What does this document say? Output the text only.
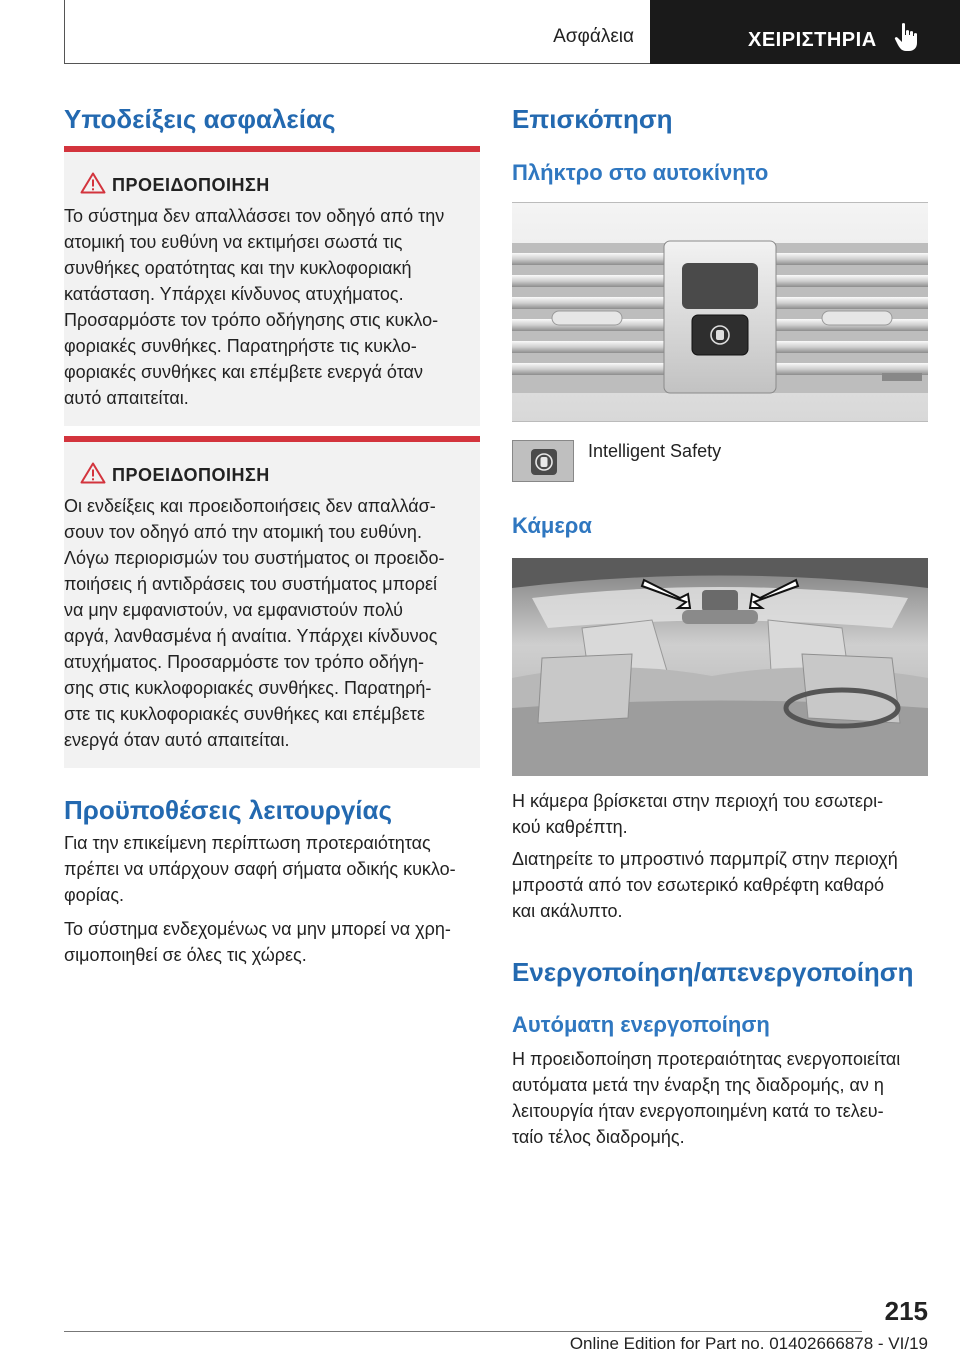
Ασφάλεια	ΧΕΙΡΙΣΤΗΡΙΑ
Υποδείξεις ασφαλείας
ΠΡΟΕΙΔΟΠΟΙΗΣΗ
Το σύστημα δεν απαλλάσσει τον οδηγό από την
ατομική του ευθύνη να εκτιμήσει σωστά τις
συνθήκες ορατότητας και την κυκλοφοριακή
κατάσταση. Υπάρχει κίνδυνος ατυχήματος.
Προσαρμόστε τον τρόπο οδήγησης στις κυκλο-
φοριακές συνθήκες. Παρατηρήστε τις κυκλο-
φοριακές συνθήκες και επέμβετε ενεργά όταν
αυτό απαιτείται.
ΠΡΟΕΙΔΟΠΟΙΗΣΗ
Οι ενδείξεις και προειδοποιήσεις δεν απαλλάσ-
σουν τον οδηγό από την ατομική του ευθύνη.
Λόγω περιορισμών του συστήματος οι προειδο-
ποιήσεις ή αντιδράσεις του συστήματος μπορεί
να μην εμφανιστούν, να εμφανιστούν πολύ
αργά, λανθασμένα ή αναίτια. Υπάρχει κίνδυνος
ατυχήματος. Προσαρμόστε τον τρόπο οδήγη-
σης στις κυκλοφοριακές συνθήκες. Παρατηρή-
στε τις κυκλοφοριακές συνθήκες και επέμβετε
ενεργά όταν αυτό απαιτείται.
Προϋποθέσεις λειτουργίας
Για την επικείμενη περίπτωση προτεραιότητας
πρέπει να υπάρχουν σαφή σήματα οδικής κυκλο-
φορίας.
Το σύστημα ενδεχομένως να μην μπορεί να χρη-
σιμοποιηθεί σε όλες τις χώρες.
Επισκόπηση
Πλήκτρο στο αυτοκίνητο
Intelligent Safety
Κάμερα
Η κάμερα βρίσκεται στην περιοχή του εσωτερι-
κού καθρέπτη.
Διατηρείτε το μπροστινό παρμπρίζ στην περιοχή
μπροστά από τον εσωτερικό καθρέφτη καθαρό
και ακάλυπτο.
Ενεργοποίηση/απενεργοποίηση
Αυτόματη ενεργοποίηση
Η προειδοποίηση προτεραιότητας ενεργοποιείται
αυτόματα μετά την έναρξη της διαδρομής, αν η
λειτουργία ήταν ενεργοποιημένη κατά το τελευ-
ταίο τέλος διαδρομής.
215
Online Edition for Part no. 01402666878 - VI/19
